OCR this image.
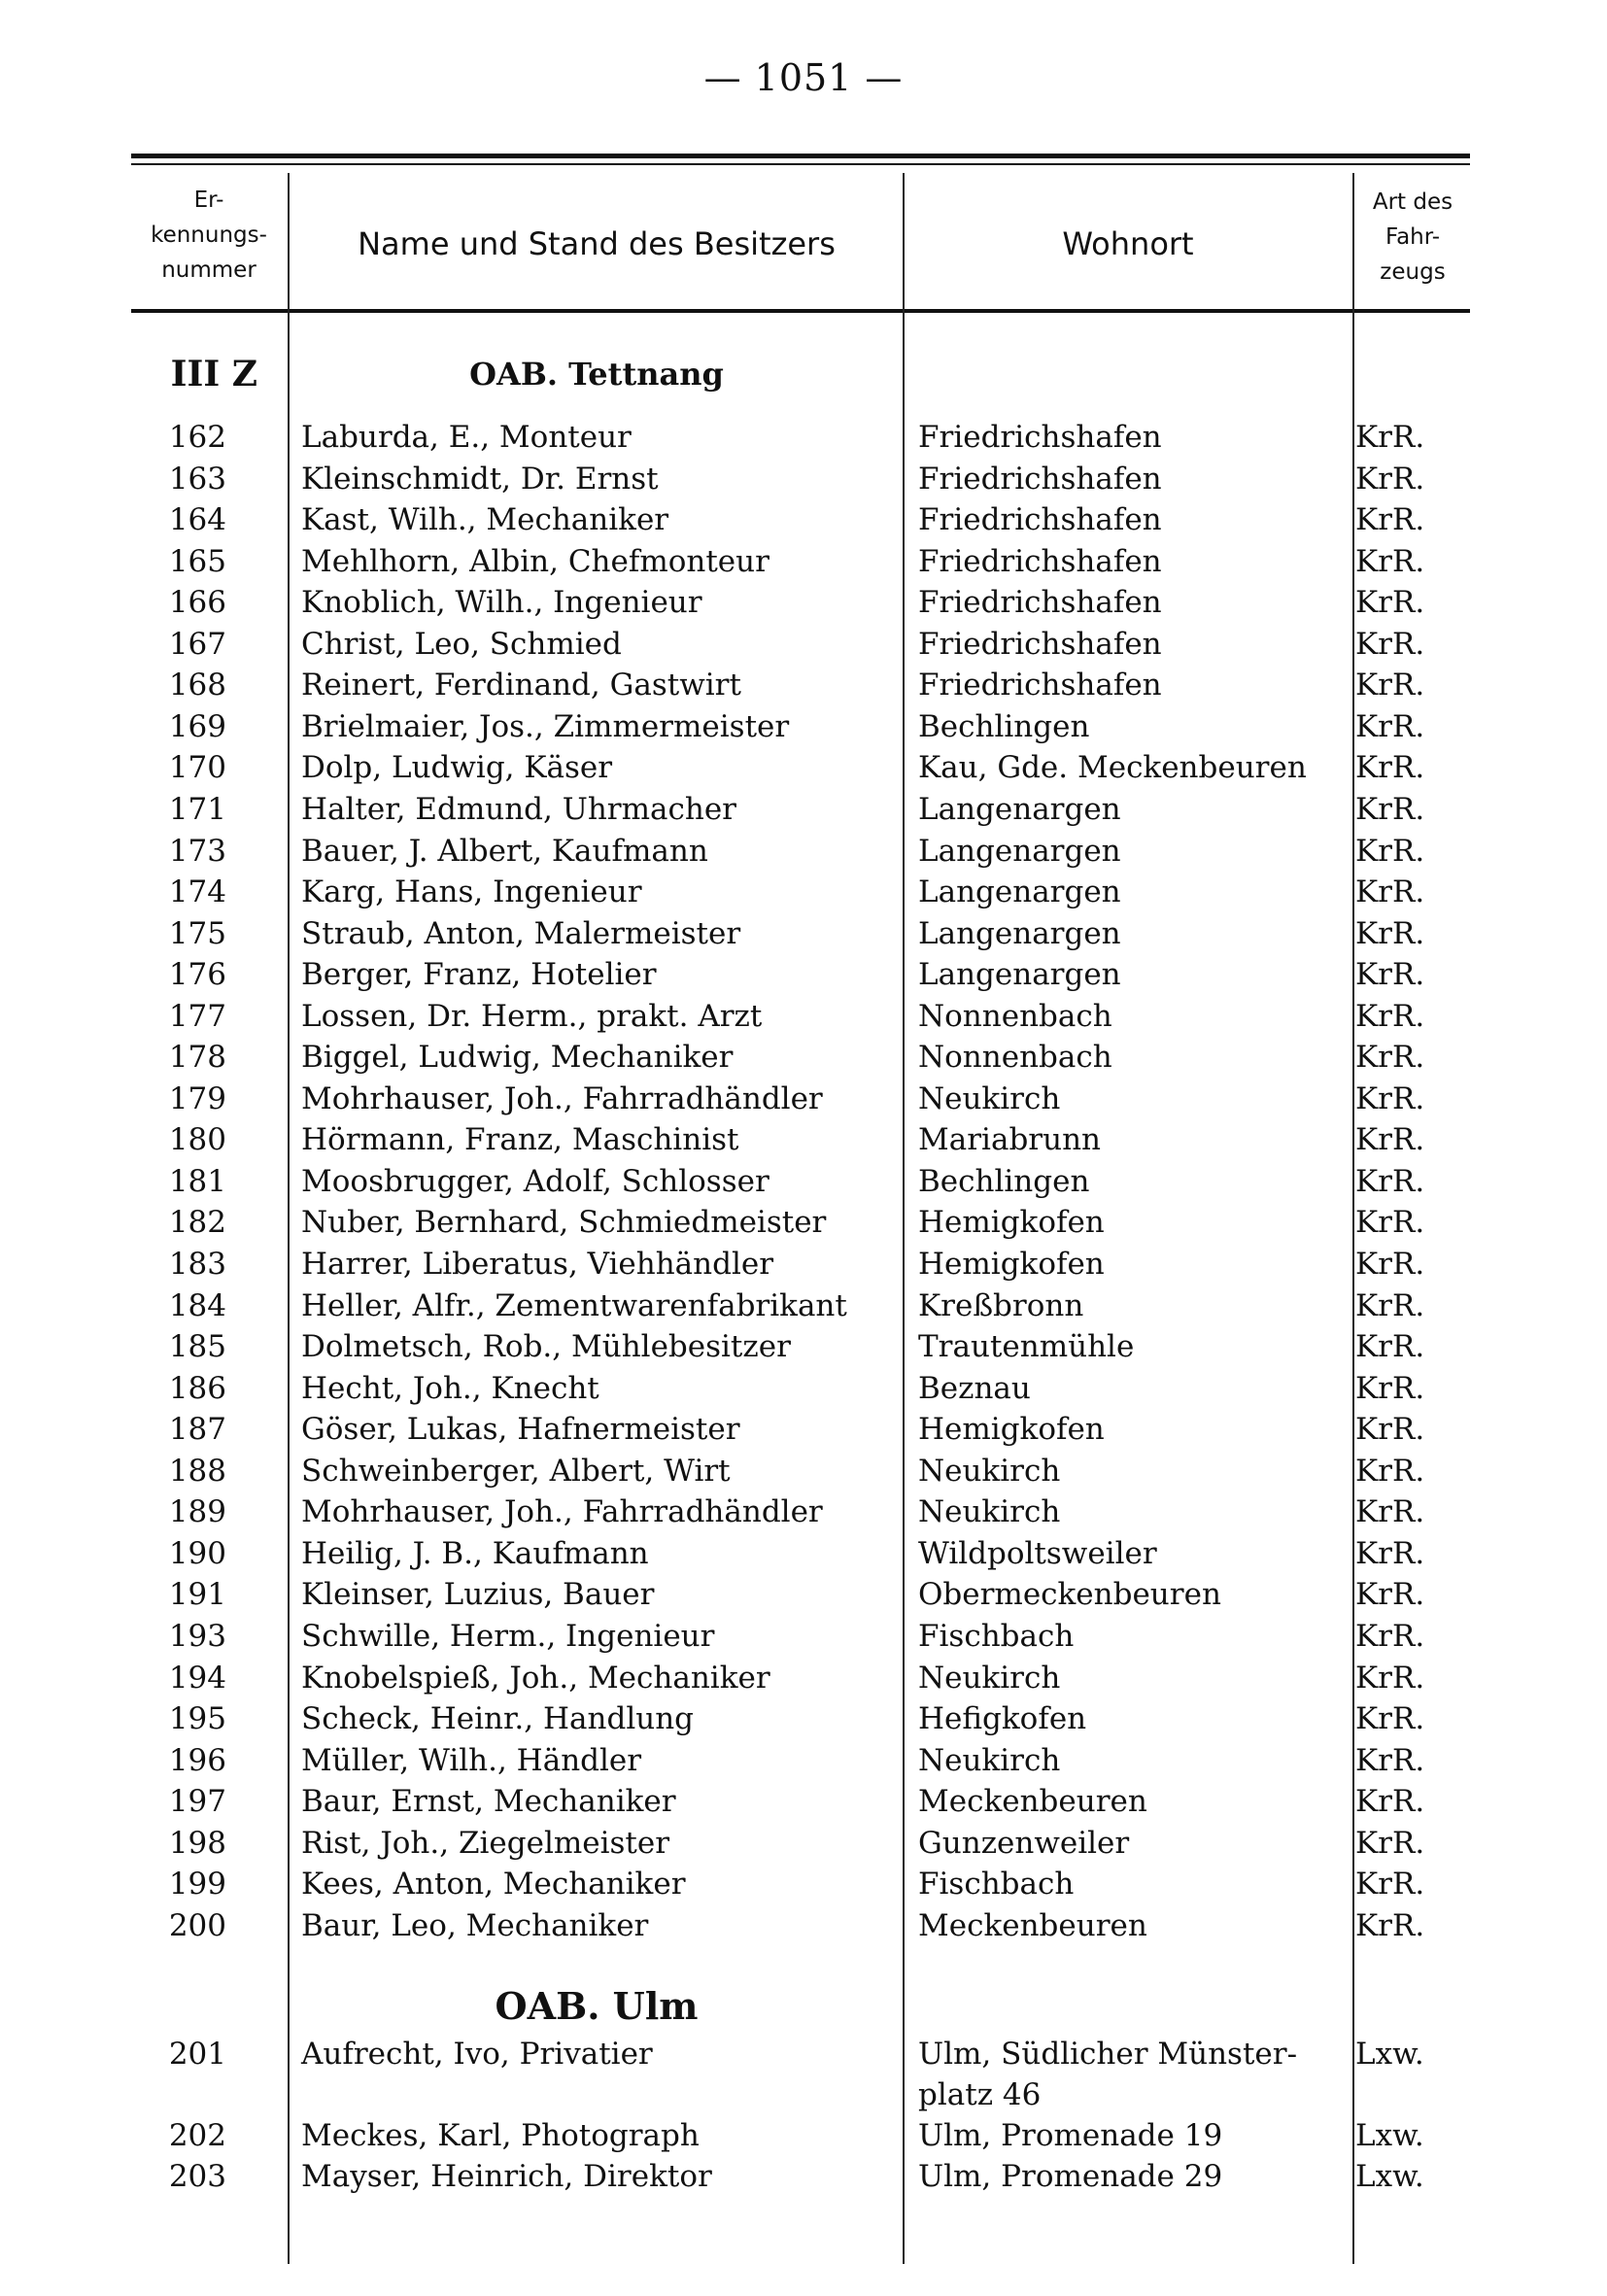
— 1051 —
Er-
kennungs-
nummer
Name und Stand des Besitzers	Wohnort
Art des
Fahr-
zeugs
III Z	OAB. Tettnang
OAB. Ulm
162 Laburda, E., Monteur	Friedrichshafen	KrR.
163 Kleinschmidt, Dr. Ernst	Friedrichshafen	KrR.
164 Kast, Wilh., Mechaniker	Friedrichshafen	KrR.
165 Mehlhorn, Albin, Chefmonteur	Friedrichshafen	KrR.
166 Knoblich, Wilh., Ingenieur	Friedrichshafen	KrR.
167 Christ, Leo, Schmied	Friedrichshafen	KrR.
168 Reinert, Ferdinand, Gastwirt	Friedrichshafen	KrR.
169 Brielmaier, Jos., Zimmermeister	Bechlingen	KrR.
170 Dolp, Ludwig, Käser	Kau, Gde. Meckenbeuren KrR.
171 Halter, Edmund, Uhrmacher	Langenargen	KrR.
173 Bauer, J. Albert, Kaufmann	Langenargen	KrR.
174 Karg, Hans, Ingenieur	Langenargen	KrR.
175 Straub, Anton, Malermeister	Langenargen	KrR.
176 Berger, Franz, Hotelier	Langenargen	KrR.
177 Lossen, Dr. Herm., prakt. Arzt	Nonnenbach	KrR.
178 Biggel, Ludwig, Mechaniker	Nonnenbach	KrR.
179 Mohrhauser, Joh., Fahrradhändler	Neukirch	KrR.
180 Hörmann, Franz, Maschinist	Mariabrunn	KrR.
181 Moosbrugger, Adolf, Schlosser	Bechlingen	KrR.
182 Nuber, Bernhard, Schmiedmeister	Hemigkofen	KrR.
183 Harrer, Liberatus, Viehhändler	Hemigkofen	KrR.
184 Heller, Alfr., Zementwarenfabrikant Kreßbronn	KrR.
185 Dolmetsch, Rob., Mühlebesitzer	Trautenmühle	KrR.
186 Hecht, Joh., Knecht	Beznau	KrR.
187 Göser, Lukas, Hafnermeister	Hemigkofen	KrR.
188 Schweinberger, Albert, Wirt	Neukirch	KrR.
189 Mohrhauser, Joh., Fahrradhändler	Neukirch	KrR.
190 Heilig, J. B., Kaufmann	Wildpoltsweiler	KrR.
191 Kleinser, Luzius, Bauer	Obermeckenbeuren	KrR.
193 Schwille, Herm., Ingenieur	Fischbach	KrR.
194 Knobelspieß, Joh., Mechaniker	Neukirch	KrR.
195 Scheck, Heinr., Handlung	Hefigkofen	KrR.
196 Müller, Wilh., Händler	Neukirch	KrR.
197 Baur, Ernst, Mechaniker	Meckenbeuren	KrR.
198 Rist, Joh., Ziegelmeister	Gunzenweiler	KrR.
199 Kees, Anton, Mechaniker	Fischbach	KrR.
200 Baur, Leo, Mechaniker	Meckenbeuren	KrR.
201 Aufrecht, Ivo, Privatier	Ulm, Südlicher Münster- Lxw.
platz 46
202 Meckes, Karl, Photograph	Ulm, Promenade 19	Lxw.
203 Mayser, Heinrich, Direktor	Ulm, Promenade 29	Lxw.
